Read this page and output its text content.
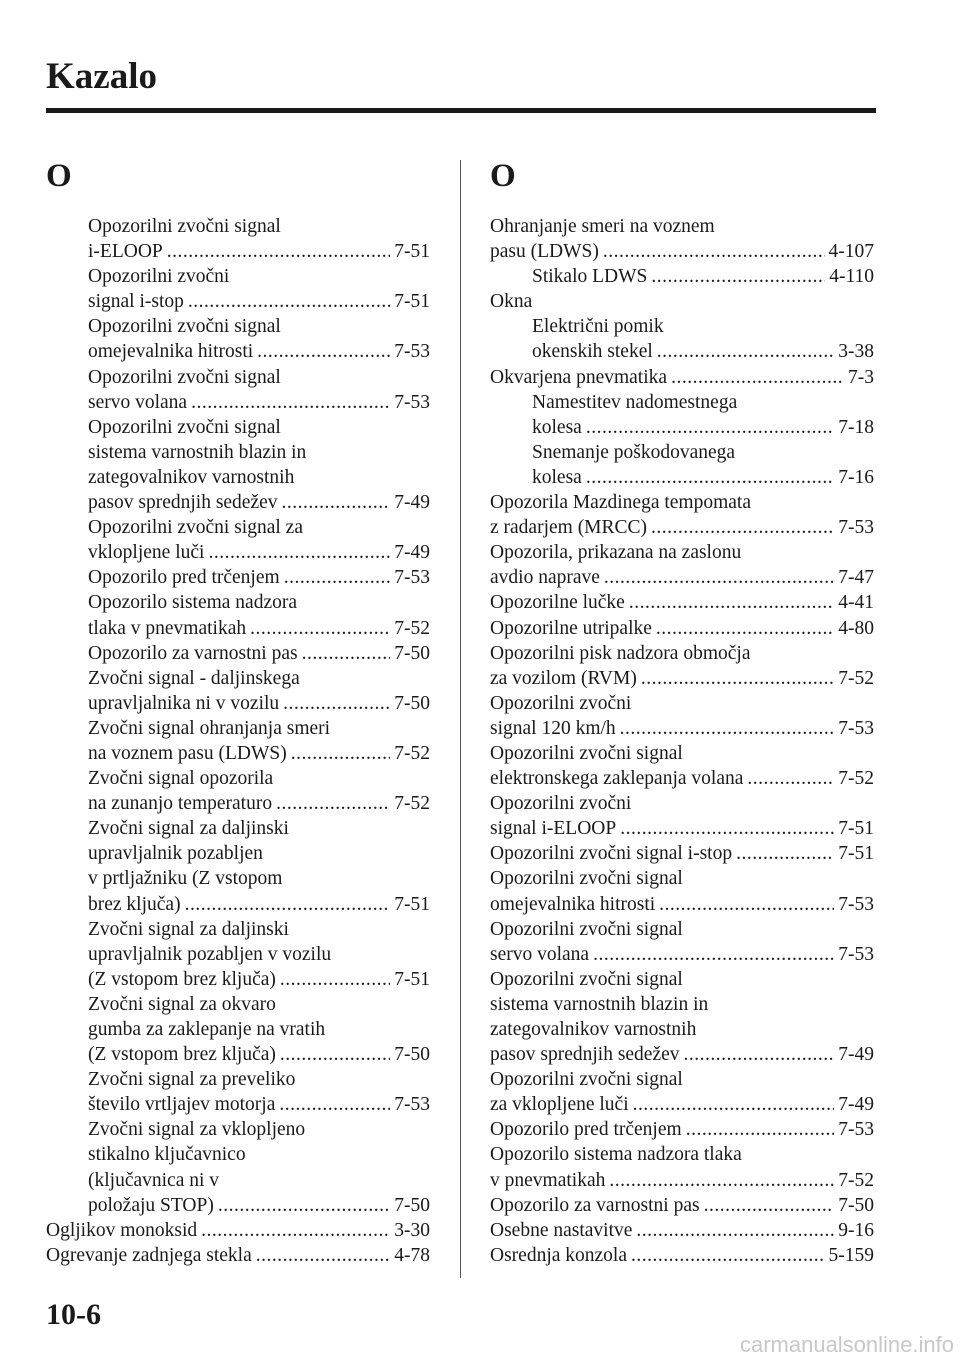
Kazalo
O
Opozorilni zvočni signal
i-ELOOP .....	7-51
Opozorilni zvočni
signal i-stop .....	7-51
Opozorilni zvočni signal
omejevalnika hitrosti .....	7-53
Opozorilni zvočni signal
servo volana .....	7-53
Opozorilni zvočni signal
sistema varnostnih blazin in
zategovalnikov varnostnih
pasov sprednjih sedežev .....	7-49
Opozorilni zvočni signal za
vklopljene luči .....	7-49
Opozorilo pred trčenjem .....	7-53
Opozorilo sistema nadzora
tlaka v pnevmatikah .....	7-52
Opozorilo za varnostni pas .....	7-50
Zvočni signal - daljinskega
upravljalnika ni v vozilu .....	7-50
Zvočni signal ohranjanja smeri
na voznem pasu (LDWS) .....	7-52
Zvočni signal opozorila
na zunanjo temperaturo .....	7-52
Zvočni signal za daljinski
upravljalnik pozabljen
v prtljažniku (Z vstopom
brez ključa) .....	7-51
Zvočni signal za daljinski
upravljalnik pozabljen v vozilu
(Z vstopom brez ključa) .....	7-51
Zvočni signal za okvaro
gumba za zaklepanje na vratih
(Z vstopom brez ključa) .....	7-50
Zvočni signal za preveliko
število vrtljajev motorja .....	7-53
Zvočni signal za vklopljeno
stikalno ključavnico
(ključavnica ni v
položaju STOP) .....	7-50
Ogljikov monoksid .....	3-30
Ogrevanje zadnjega stekla .....	4-78
O
Ohranjanje smeri na voznem
pasu (LDWS) .....	4-107
Stikalo LDWS .....	4-110
Okna
Električni pomik
okenskih stekel .....	3-38
Okvarjena pnevmatika .....	7-3
Namestitev nadomestnega
kolesa .....	7-18
Snemanje poškodovanega
kolesa .....	7-16
Opozorila Mazdinega tempomata
z radarjem (MRCC) .....	7-53
Opozorila, prikazana na zaslonu
avdio naprave .....	7-47
Opozorilne lučke .....	4-41
Opozorilne utripalke .....	4-80
Opozorilni pisk nadzora območja
za vozilom (RVM) .....	7-52
Opozorilni zvočni
signal 120 km/h .....	7-53
Opozorilni zvočni signal
elektronskega zaklepanja volana .....	7-52
Opozorilni zvočni
signal i-ELOOP .....	7-51
Opozorilni zvočni signal i-stop .....	7-51
Opozorilni zvočni signal
omejevalnika hitrosti .....	7-53
Opozorilni zvočni signal
servo volana .....	7-53
Opozorilni zvočni signal
sistema varnostnih blazin in
zategovalnikov varnostnih
pasov sprednjih sedežev .....	7-49
Opozorilni zvočni signal
za vklopljene luči .....	7-49
Opozorilo pred trčenjem .....	7-53
Opozorilo sistema nadzora tlaka
v pnevmatikah .....	7-52
Opozorilo za varnostni pas .....	7-50
Osebne nastavitve .....	9-16
Osrednja konzola .....	5-159
10-6
carmanualsonline.info
